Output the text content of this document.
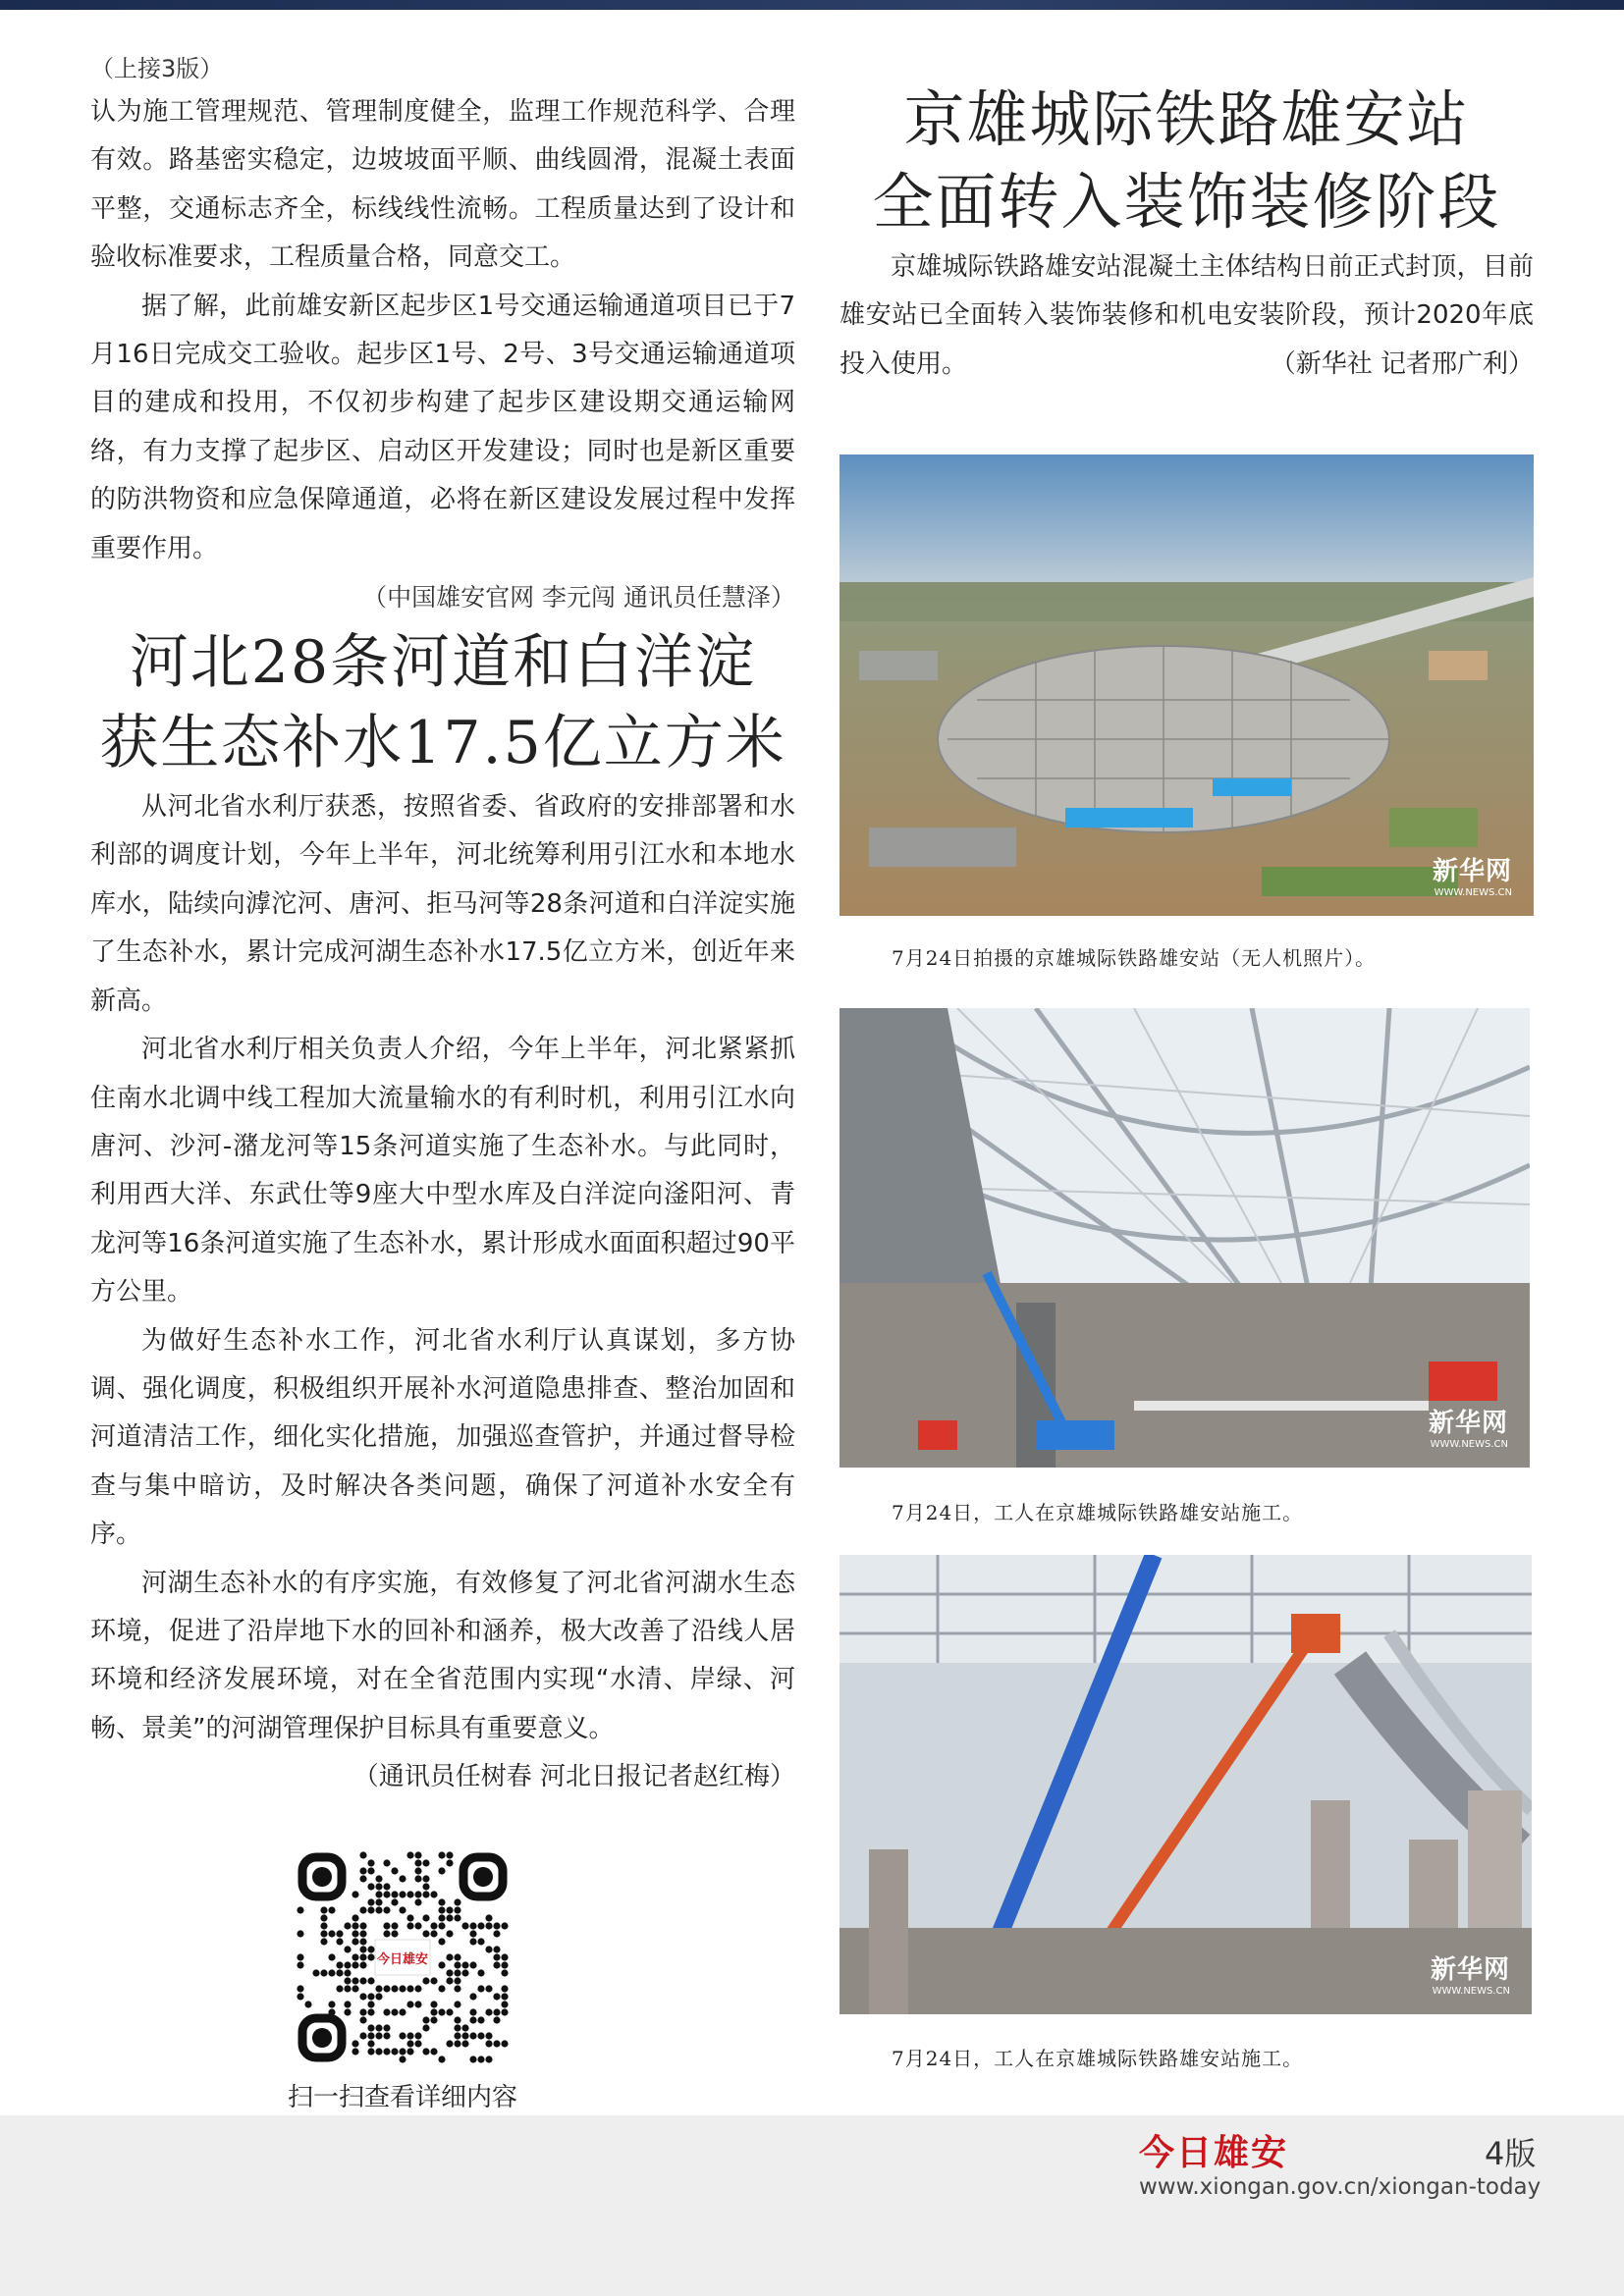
（上接3版）

认为施工管理规范、管理制度健全，监理工作规范科学、合理有效。路基密实稳定，边坡坡面平顺、曲线圆滑，混凝土表面平整，交通标志齐全，标线线性流畅。工程质量达到了设计和验收标准要求，工程质量合格，同意交工。

据了解，此前雄安新区起步区1号交通运输通道项目已于7月16日完成交工验收。起步区1号、2号、3号交通运输通道项目的建成和投用，不仅初步构建了起步区建设期交通运输网络，有力支撑了起步区、启动区开发建设；同时也是新区重要的防洪物资和应急保障通道，必将在新区建设发展过程中发挥重要作用。

（中国雄安官网 李元闯 通讯员任慧泽）

河北28条河道和白洋淀
获生态补水17.5亿立方米

从河北省水利厅获悉，按照省委、省政府的安排部署和水利部的调度计划，今年上半年，河北统筹利用引江水和本地水库水，陆续向滹沱河、唐河、拒马河等28条河道和白洋淀实施了生态补水，累计完成河湖生态补水17.5亿立方米，创近年来新高。

河北省水利厅相关负责人介绍，今年上半年，河北紧紧抓住南水北调中线工程加大流量输水的有利时机，利用引江水向唐河、沙河-潴龙河等15条河道实施了生态补水。与此同时，利用西大洋、东武仕等9座大中型水库及白洋淀向滏阳河、青龙河等16条河道实施了生态补水，累计形成水面面积超过90平方公里。

为做好生态补水工作，河北省水利厅认真谋划，多方协调、强化调度，积极组织开展补水河道隐患排查、整治加固和河道清洁工作，细化实化措施，加强巡查管护，并通过督导检查与集中暗访，及时解决各类问题，确保了河道补水安全有序。

河湖生态补水的有序实施，有效修复了河北省河湖水生态环境，促进了沿岸地下水的回补和涵养，极大改善了沿线人居环境和经济发展环境，对在全省范围内实现“水清、岸绿、河畅、景美”的河湖管理保护目标具有重要意义。
（通讯员任树春 河北日报记者赵红梅）

今日雄安
扫一扫查看详细内容
京雄城际铁路雄安站
全面转入装饰装修阶段

京雄城际铁路雄安站混凝土主体结构日前正式封顶，目前雄安站已全面转入装饰装修和机电安装阶段，预计2020年底投入使用。	（新华社 记者邢广利）

新华网
WWW.NEWS.CN
7月24日拍摄的京雄城际铁路雄安站（无人机照片）。
新华网
WWW.NEWS.CN
7月24日，工人在京雄城际铁路雄安站施工。
新华网
WWW.NEWS.CN
7月24日，工人在京雄城际铁路雄安站施工。
今日雄安	4版
www.xiongan.gov.cn/xiongan-today
